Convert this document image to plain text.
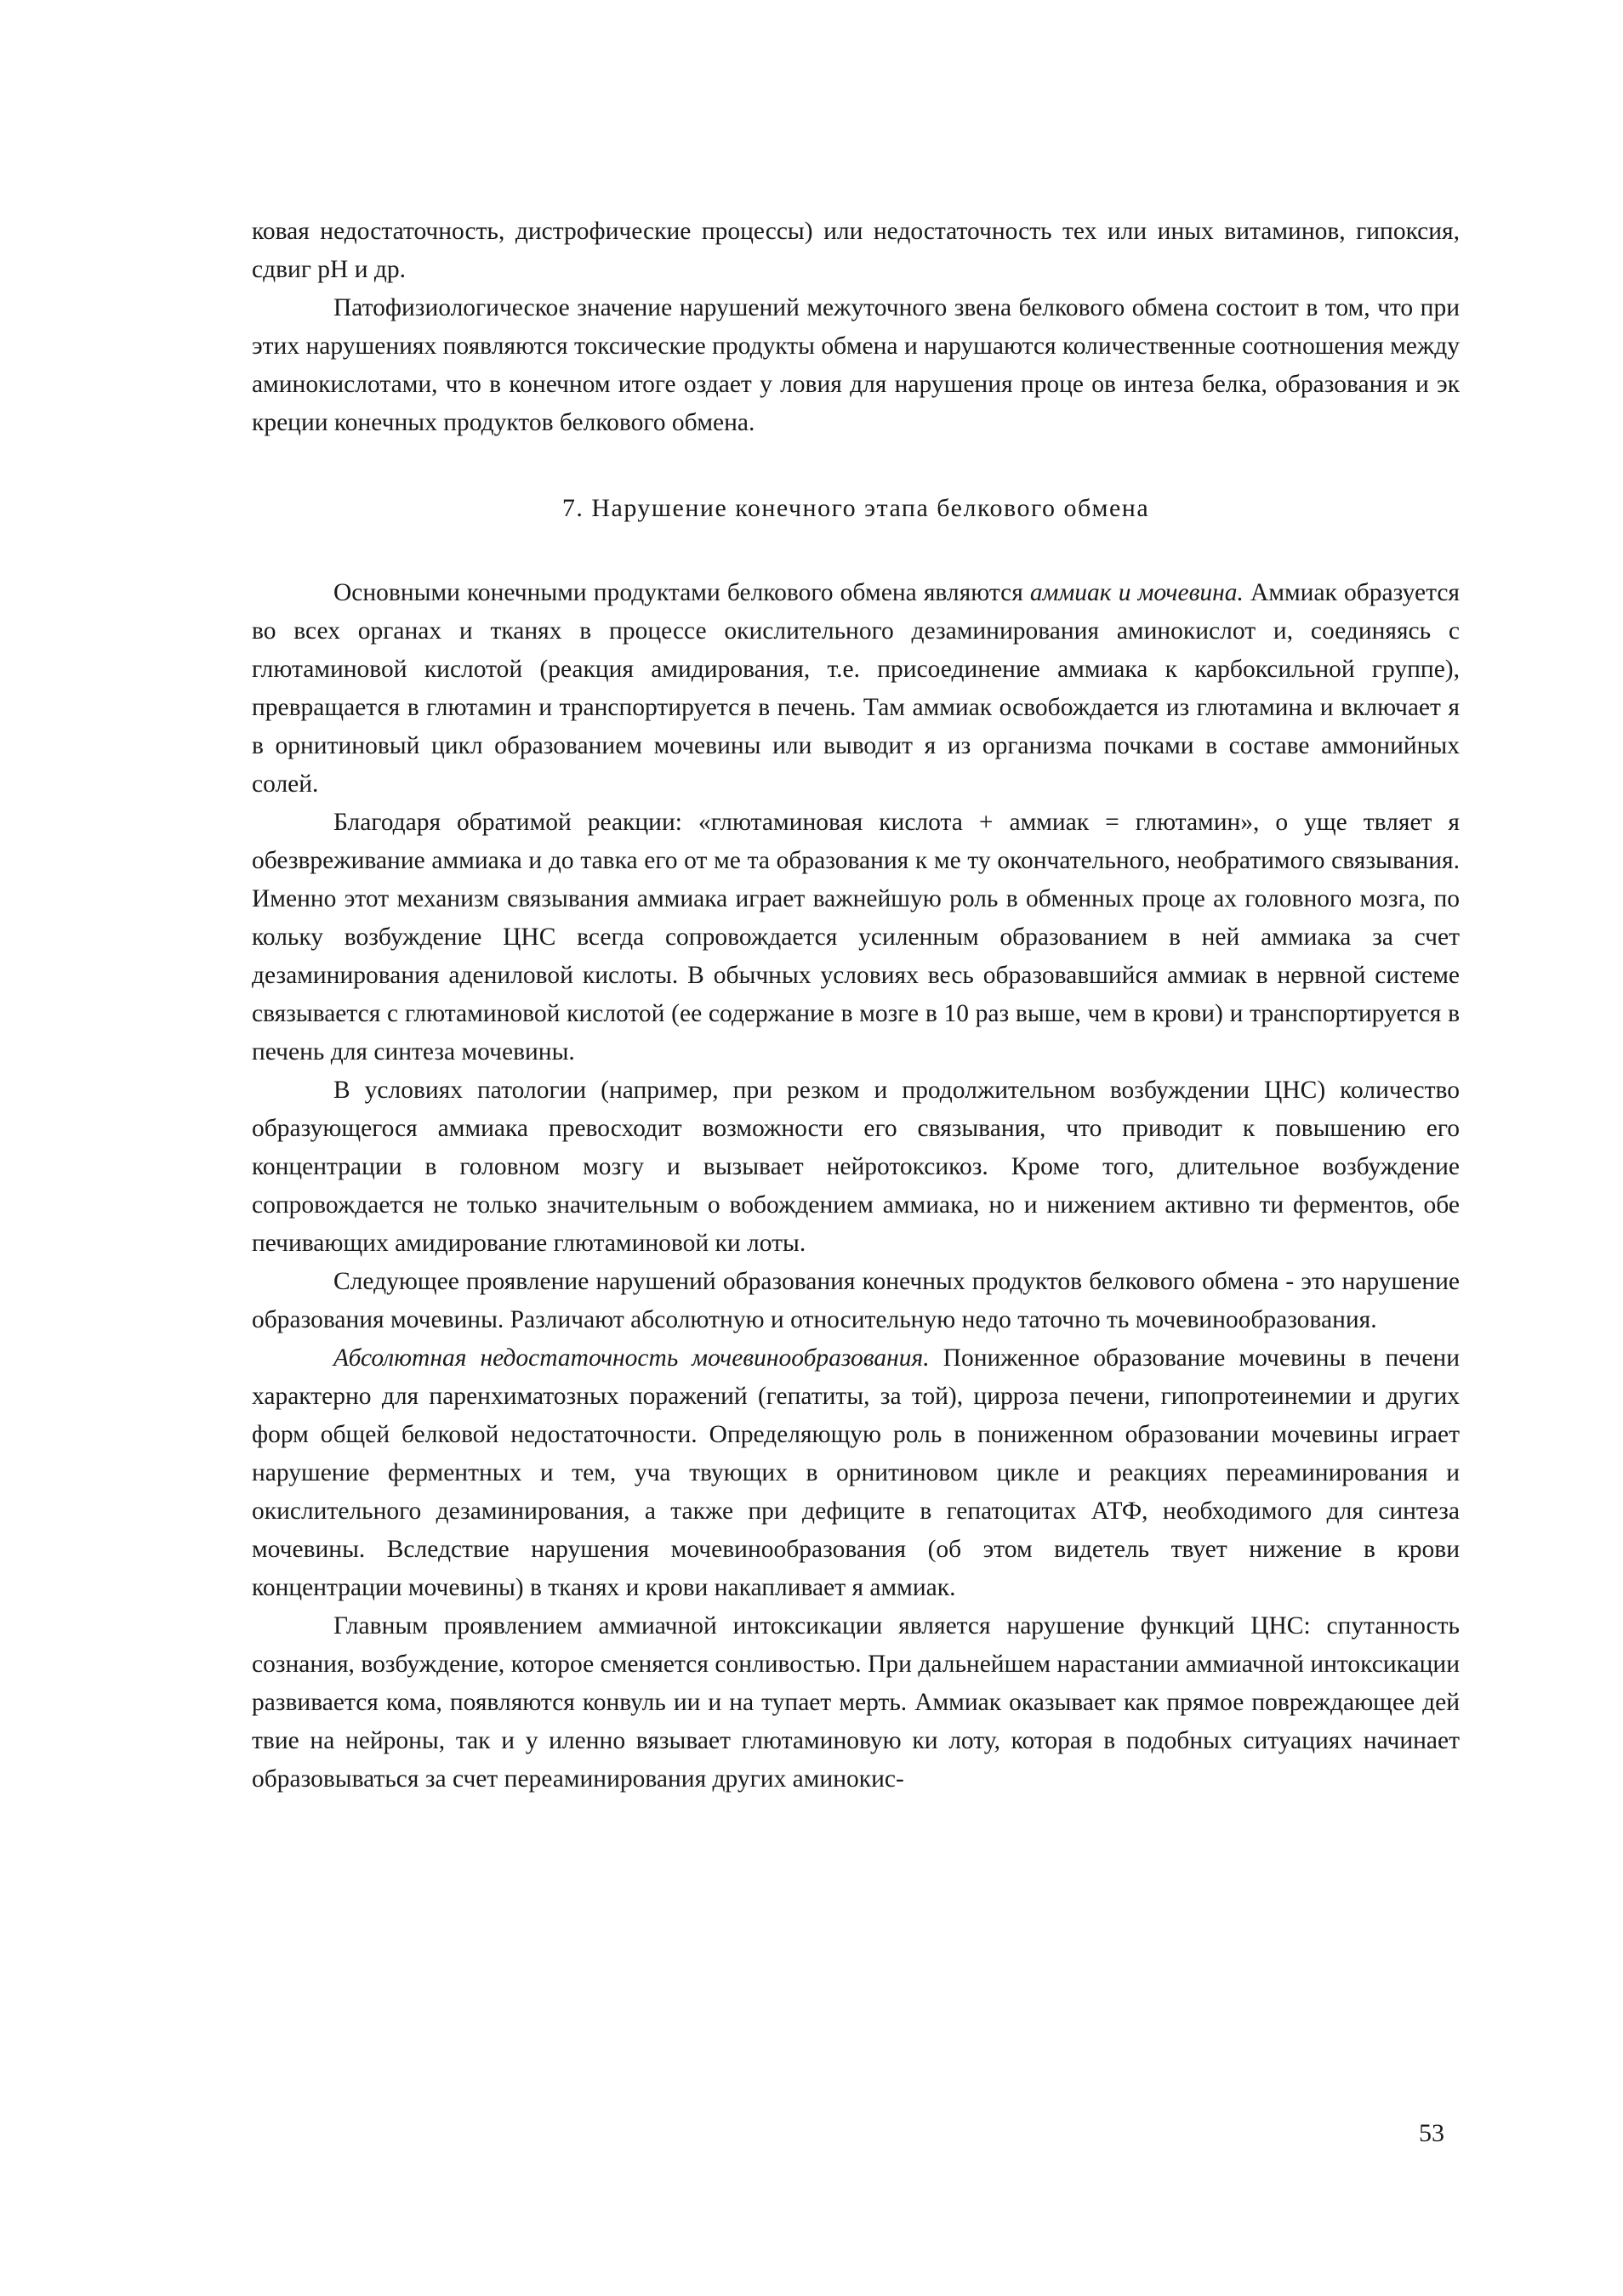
ковая недостаточность, дистрофические процессы) или недостаточность тех или иных витаминов, гипоксия, сдвиг pH и др.

Патофизиологическое значение нарушений межуточного звена белкового обмена состоит в том, что при этих нарушениях появляются токсические продукты обмена и нарушаются количественные соотношения между аминокислотами, что в конечном итоге оздает у ловия для нарушения проце ов интеза белка, образования и эк креции конечных продуктов белкового обмена.

7. Нарушение конечного этапа белкового обмена

Основными конечными продуктами белкового обмена являются аммиак и мочевина. Аммиак образуется во всех органах и тканях в процессе окислительного дезаминирования аминокислот и, соединяясь с глютаминовой кислотой (реакция амидирования, т.е. присоединение аммиака к карбоксильной группе), превращается в глютамин и транспортируется в печень. Там аммиак освобождается из глютамина и включает я в орнитиновый цикл образованием мочевины или выводит я из организма почками в составе аммонийных солей.

Благодаря обратимой реакции: «глютаминовая кислота + аммиак = глютамин», о уще твляет я обезвреживание аммиака и до тавка его от ме та образования к ме ту окончательного, необратимого связывания. Именно этот механизм связывания аммиака играет важнейшую роль в обменных проце ах головного мозга, по кольку возбуждение ЦНС всегда сопровождается усиленным образованием в ней аммиака за счет дезаминирования адениловой кислоты. В обычных условиях весь образовавшийся аммиак в нервной системе связывается с глютаминовой кислотой (ее содержание в мозге в 10 раз выше, чем в крови) и транспортируется в печень для синтеза мочевины.

В условиях патологии (например, при резком и продолжительном возбуждении ЦНС) количество образующегося аммиака превосходит возможности его связывания, что приводит к повышению его концентрации в головном мозгу и вызывает нейротоксикоз. Кроме того, длительное возбуждение сопровождается не только значительным о вобождением аммиака, но и нижением активно ти ферментов, обе печивающих амидирование глютаминовой ки лоты.

Следующее проявление нарушений образования конечных продуктов белкового обмена - это нарушение образования мочевины. Различают абсолютную и относительную недо таточно ть мочевинообразования.

Абсолютная недостаточность мочевинообразования. Пониженное образование мочевины в печени характерно для паренхиматозных поражений (гепатиты, за той), цирроза печени, гипопротеинемии и других форм общей белковой недостаточности. Определяющую роль в пониженном образовании мочевины играет нарушение ферментных и тем, уча твующих в орнитиновом цикле и реакциях переаминирования и окислительного дезаминирования, а также при дефиците в гепатоцитах АТФ, необходимого для синтеза мочевины. Вследствие нарушения мочевинообразования (об этом видетель твует нижение в крови концентрации мочевины) в тканях и крови накапливает я аммиак.

Главным проявлением аммиачной интоксикации является нарушение функций ЦНС: спутанность сознания, возбуждение, которое сменяется сонливостью. При дальнейшем нарастании аммиачной интоксикации развивается кома, появляются конвуль ии и на тупает мерть. Аммиак оказывает как прямое повреждающее дей твие на нейроны, так и у иленно вязывает глютаминовую ки лоту, которая в подобных ситуациях начинает образовываться за счет переаминирования других аминокис-

53
